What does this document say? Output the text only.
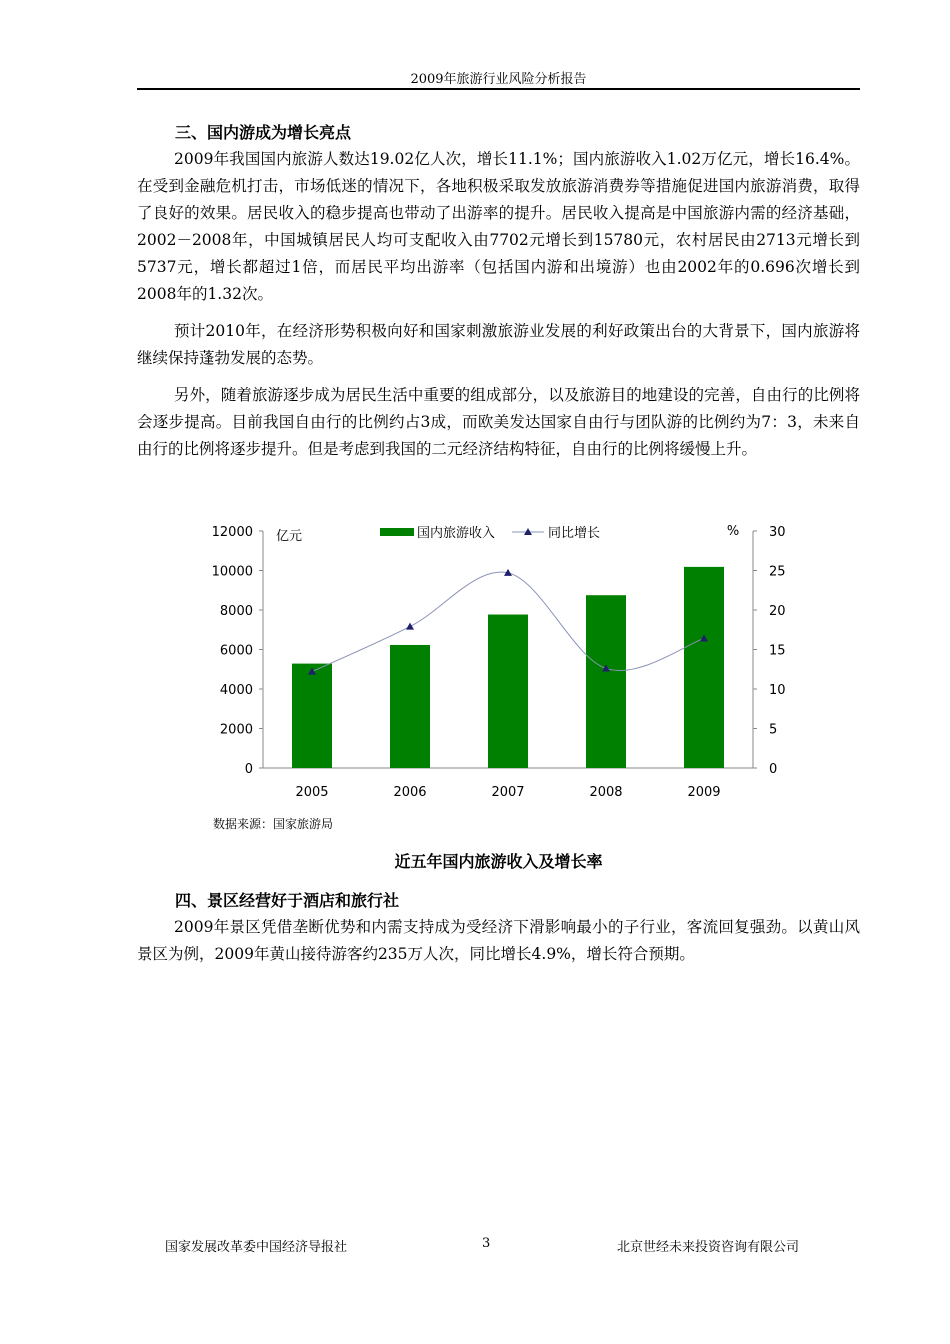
2009年旅游行业风险分析报告
三、国内游成为增长亮点

2009年我国国内旅游人数达19.02亿人次，增长11.1%；国内旅游收入1.02万亿元，增长16.4%。在受到金融危机打击，市场低迷的情况下，各地积极采取发放旅游消费券等措施促进国内旅游消费，取得了良好的效果。居民收入的稳步提高也带动了出游率的提升。居民收入提高是中国旅游内需的经济基础，2002－2008年，中国城镇居民人均可支配收入由7702元增长到15780元，农村居民由2713元增长到5737元，增长都超过1倍，而居民平均出游率（包括国内游和出境游）也由2002年的0.696次增长到2008年的1.32次。

预计2010年，在经济形势积极向好和国家刺激旅游业发展的利好政策出台的大背景下，国内旅游将继续保持蓬勃发展的态势。

另外，随着旅游逐步成为居民生活中重要的组成部分，以及旅游目的地建设的完善，自由行的比例将会逐步提高。目前我国自由行的比例约占3成，而欧美发达国家自由行与团队游的比例约为7：3，未来自由行的比例将逐步提升。但是考虑到我国的二元经济结构特征，自由行的比例将缓慢上升。

0
2000
4000
6000
8000
10000
12000
0
5
10
15
20
25
30
2005	2006	2007	2008	2009
亿元	%
国内旅游收入	同比增长
数据来源：国家旅游局
近五年国内旅游收入及增长率
四、景区经营好于酒店和旅行社

2009年景区凭借垄断优势和内需支持成为受经济下滑影响最小的子行业，客流回复强劲。以黄山风景区为例，2009年黄山接待游客约235万人次，同比增长4.9%，增长符合预期。

国家发展改革委中国经济导报社	3	北京世经未来投资咨询有限公司
